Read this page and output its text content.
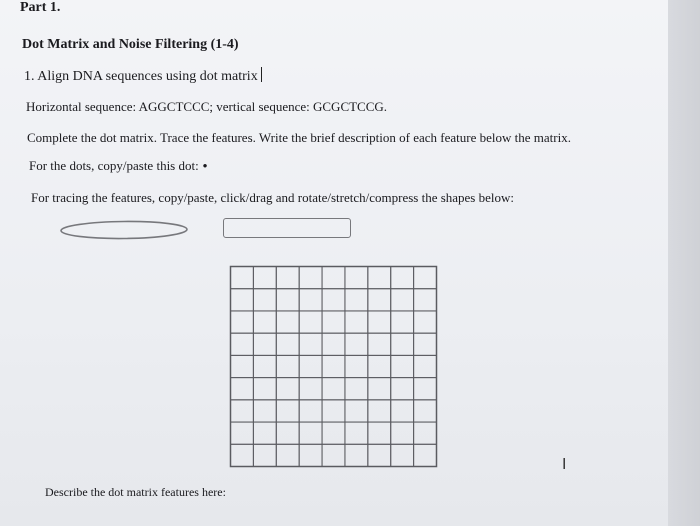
Part 1.

Dot Matrix and Noise Filtering (1-4)

1. Align DNA sequences using dot matrix

Horizontal sequence: AGGCTCCC; vertical sequence: GCGCTCCG.

Complete the dot matrix. Trace the features. Write the brief description of each feature below the matrix.

For the dots, copy/paste this dot: •

For tracing the features, copy/paste, click/drag and rotate/stretch/compress the shapes below:

Describe the dot matrix features here:

I
